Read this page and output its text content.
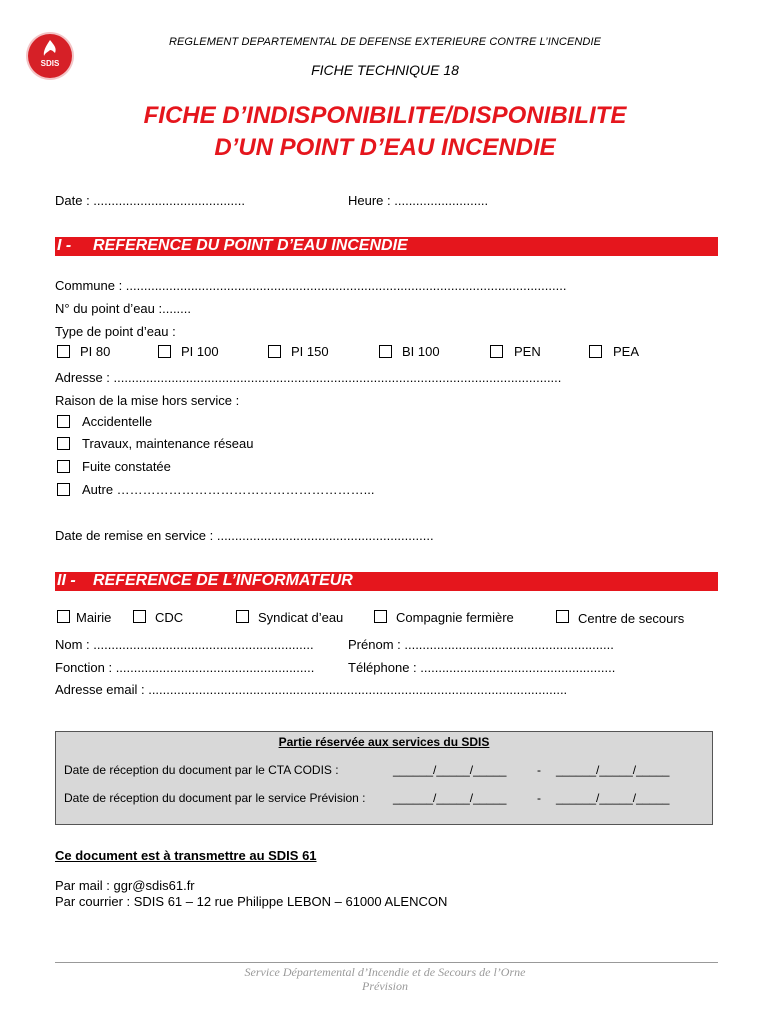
SDIS
REGLEMENT DEPARTEMENTAL DE DEFENSE EXTERIEURE CONTRE L’INCENDIE
FICHE TECHNIQUE 18
FICHE D’INDISPONIBILITE/DISPONIBILITE
D’UN POINT D’EAU INCENDIE
Date : ..........................................	Heure : ..........................
I - REFERENCE DU POINT D’EAU INCENDIE
Commune : ..........................................................................................................................
N° du point d’eau :........
Type de point d’eau :
PI 80	PI 100	PI 150	BI 100	PEN	PEA
Adresse : ............................................................................................................................
Raison de la mise hors service :
Accidentelle
Travaux, maintenance réseau
Fuite constatée
Autre …………………………………………………...
Date de remise en service : ............................................................
II - REFERENCE DE L’INFORMATEUR
Mairie	CDC	Syndicat d’eau	Compagnie fermière	Centre de secours
Nom : .............................................................	Prénom : ..........................................................
Fonction : .......................................................	Téléphone : ......................................................
Adresse email : ....................................................................................................................
Partie réservée aux services du SDIS
Date de réception du document par le CTA CODIS :	______/_____/_____	- ______/_____/_____
Date de réception du document par le service Prévision : ______/_____/_____	- ______/_____/_____
Ce document est à transmettre au SDIS 61
Par mail : ggr@sdis61.fr
Par courrier : SDIS 61 – 12 rue Philippe LEBON – 61000 ALENCON
Service Départemental d’Incendie et de Secours de l’Orne
Prévision
